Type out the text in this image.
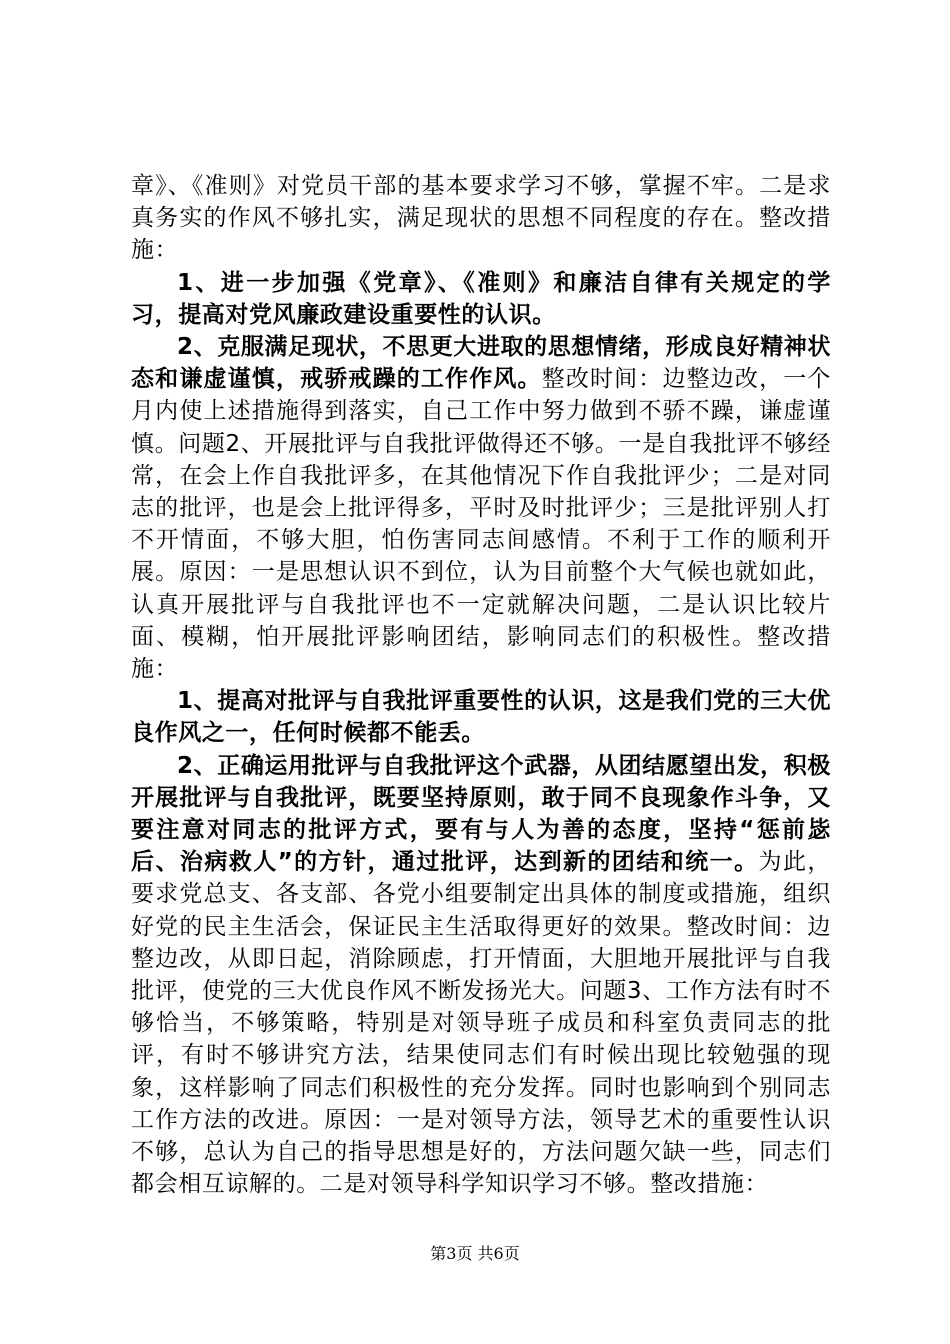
章》、《准则》对党员干部的基本要求学习不够，掌握不牢。二是求真务实的作风不够扎实，满足现状的思想不同程度的存在。整改措施：

1、进一步加强《党章》、《准则》和廉洁自律有关规定的学习，提高对党风廉政建设重要性的认识。

2、克服满足现状，不思更大进取的思想情绪，形成良好精神状态和谦虚谨慎，戒骄戒躁的工作作风。整改时间：边整边改，一个月内使上述措施得到落实，自己工作中努力做到不骄不躁，谦虚谨慎。问题2、开展批评与自我批评做得还不够。一是自我批评不够经常，在会上作自我批评多，在其他情况下作自我批评少；二是对同志的批评，也是会上批评得多，平时及时批评少；三是批评别人打不开情面，不够大胆，怕伤害同志间感情。不利于工作的顺利开展。原因：一是思想认识不到位，认为目前整个大气候也就如此，认真开展批评与自我批评也不一定就解决问题，二是认识比较片面、模糊，怕开展批评影响团结，影响同志们的积极性。整改措施：

1、提高对批评与自我批评重要性的认识，这是我们党的三大优良作风之一，任何时候都不能丢。

2、正确运用批评与自我批评这个武器，从团结愿望出发，积极开展批评与自我批评，既要坚持原则，敢于同不良现象作斗争，又要注意对同志的批评方式，要有与人为善的态度，坚持“惩前毖后、治病救人”的方针，通过批评，达到新的团结和统一。为此，要求党总支、各支部、各党小组要制定出具体的制度或措施，组织好党的民主生活会，保证民主生活取得更好的效果。整改时间：边整边改，从即日起，消除顾虑，打开情面，大胆地开展批评与自我批评，使党的三大优良作风不断发扬光大。问题3、工作方法有时不够恰当，不够策略，特别是对领导班子成员和科室负责同志的批评，有时不够讲究方法，结果使同志们有时候出现比较勉强的现象，这样影响了同志们积极性的充分发挥。同时也影响到个别同志工作方法的改进。原因：一是对领导方法，领导艺术的重要性认识不够，总认为自己的指导思想是好的，方法问题欠缺一些，同志们都会相互谅解的。二是对领导科学知识学习不够。整改措施：

第3页 共6页
